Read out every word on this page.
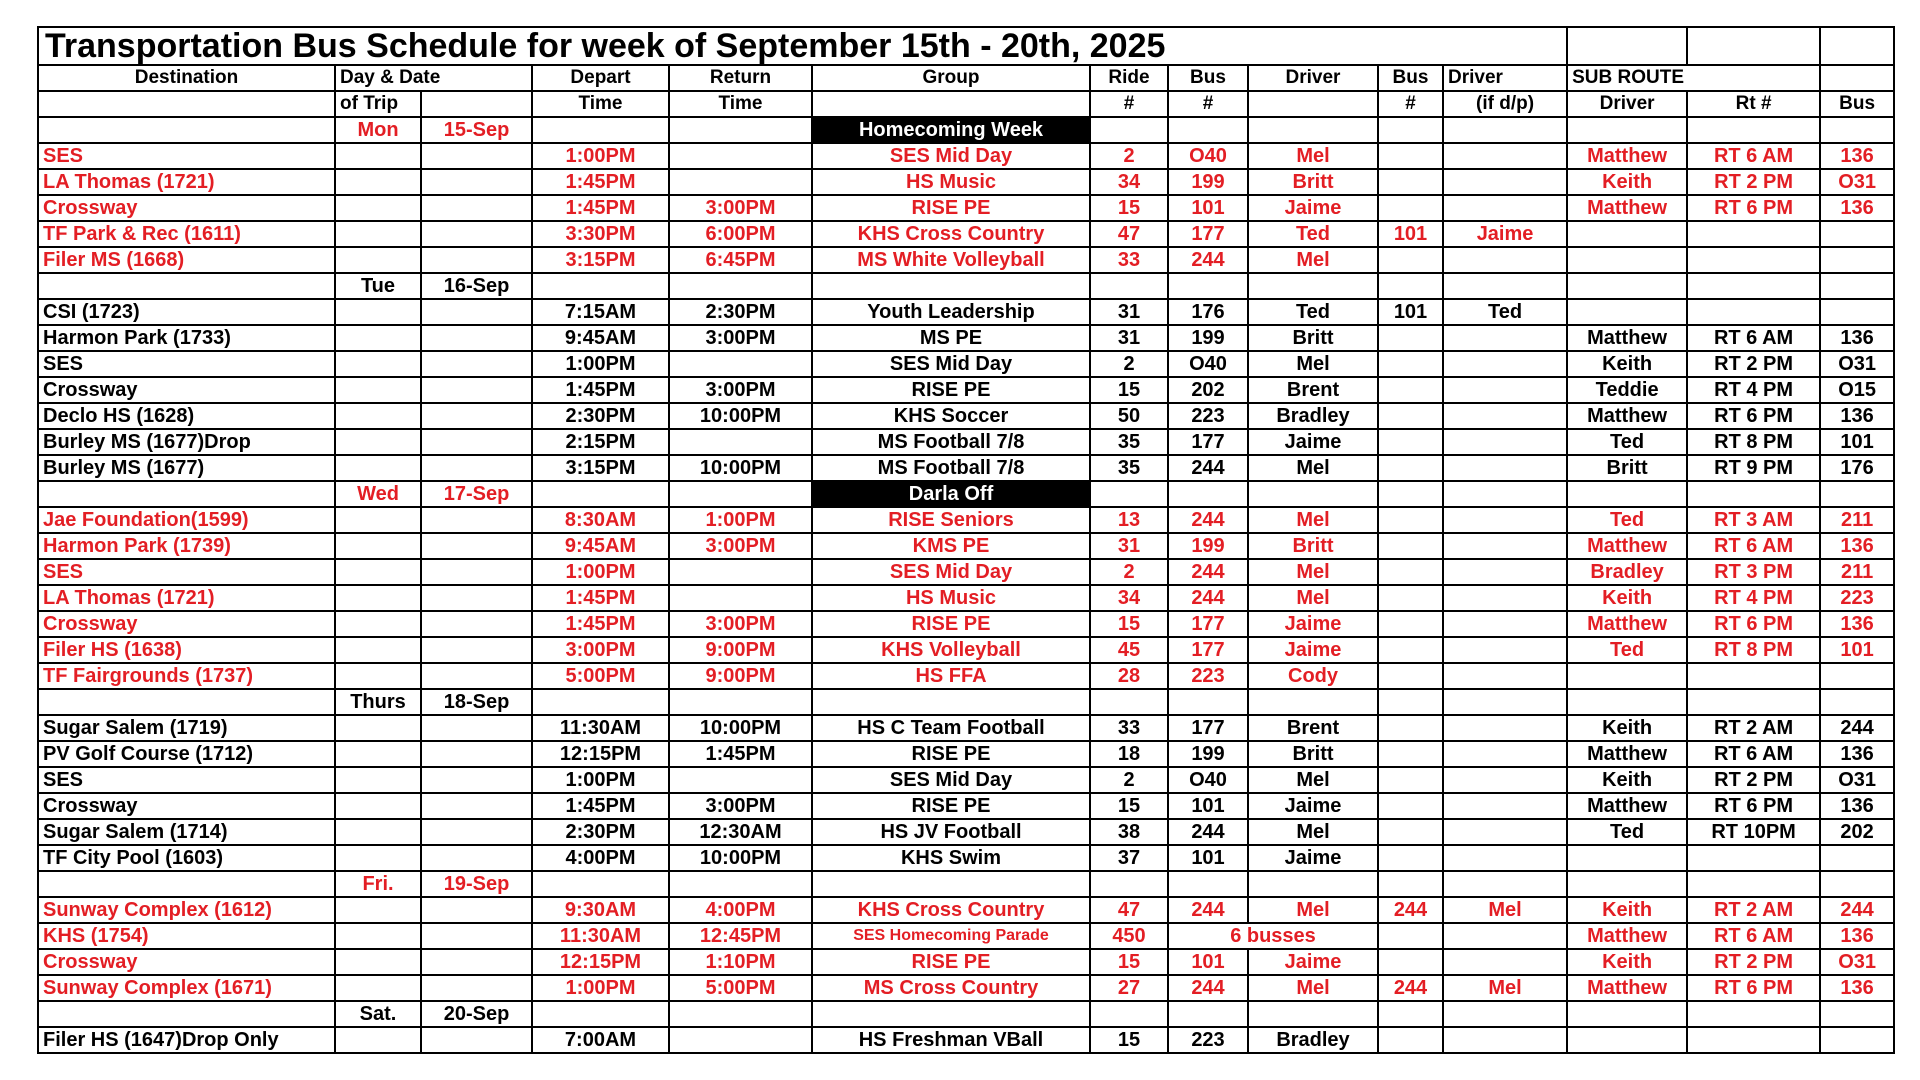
Transportation Bus Schedule for week of September 15th - 20th, 2025													
Destination	Day & Date		Depart	Return	Group	Ride	Bus	Driver	Bus	Driver	SUB ROUTE		
	of Trip		Time	Time		#	#		#	(if d/p)	Driver	Rt #	Bus
	Mon	15-Sep			Homecoming Week								
SES			1:00PM		SES Mid Day	2	O40	Mel			Matthew	RT 6 AM	136
LA Thomas (1721)			1:45PM		HS Music	34	199	Britt			Keith	RT 2 PM	O31
Crossway			1:45PM	3:00PM	RISE PE	15	101	Jaime			Matthew	RT 6 PM	136
TF Park & Rec (1611)			3:30PM	6:00PM	KHS Cross Country	47	177	Ted	101	Jaime			
Filer MS (1668)			3:15PM	6:45PM	MS White Volleyball	33	244	Mel					
	Tue	16-Sep											
CSI (1723)			7:15AM	2:30PM	Youth Leadership	31	176	Ted	101	Ted			
Harmon Park (1733)			9:45AM	3:00PM	MS PE	31	199	Britt			Matthew	RT 6 AM	136
SES			1:00PM		SES Mid Day	2	O40	Mel			Keith	RT 2 PM	O31
Crossway			1:45PM	3:00PM	RISE PE	15	202	Brent			Teddie	RT 4 PM	O15
Declo HS (1628)			2:30PM	10:00PM	KHS Soccer	50	223	Bradley			Matthew	RT 6 PM	136
Burley MS (1677)Drop			2:15PM		MS Football 7/8	35	177	Jaime			Ted	RT 8 PM	101
Burley MS (1677)			3:15PM	10:00PM	MS Football 7/8	35	244	Mel			Britt	RT 9 PM	176
	Wed	17-Sep			Darla Off								
Jae Foundation(1599)			8:30AM	1:00PM	RISE Seniors	13	244	Mel			Ted	RT 3 AM	211
Harmon Park (1739)			9:45AM	3:00PM	KMS PE	31	199	Britt			Matthew	RT 6 AM	136
SES			1:00PM		SES Mid Day	2	244	Mel			Bradley	RT 3 PM	211
LA Thomas (1721)			1:45PM		HS Music	34	244	Mel			Keith	RT 4 PM	223
Crossway			1:45PM	3:00PM	RISE PE	15	177	Jaime			Matthew	RT 6 PM	136
Filer HS (1638)			3:00PM	9:00PM	KHS Volleyball	45	177	Jaime			Ted	RT 8 PM	101
TF Fairgrounds (1737)			5:00PM	9:00PM	HS FFA	28	223	Cody					
	Thurs	18-Sep											
Sugar Salem (1719)			11:30AM	10:00PM	HS C Team Football	33	177	Brent			Keith	RT 2 AM	244
PV Golf Course (1712)			12:15PM	1:45PM	RISE PE	18	199	Britt			Matthew	RT 6 AM	136
SES			1:00PM		SES Mid Day	2	O40	Mel			Keith	RT 2 PM	O31
Crossway			1:45PM	3:00PM	RISE PE	15	101	Jaime			Matthew	RT 6 PM	136
Sugar Salem (1714)			2:30PM	12:30AM	HS JV Football	38	244	Mel			Ted	RT 10PM	202
TF City Pool (1603)			4:00PM	10:00PM	KHS Swim	37	101	Jaime					
	Fri.	19-Sep											
Sunway Complex (1612)			9:30AM	4:00PM	KHS Cross Country	47	244	Mel	244	Mel	Keith	RT 2 AM	244
KHS (1754)			11:30AM	12:45PM	SES Homecoming Parade	450	6 busses				Matthew	RT 6 AM	136
Crossway			12:15PM	1:10PM	RISE PE	15	101	Jaime			Keith	RT 2 PM	O31
Sunway Complex (1671)			1:00PM	5:00PM	MS Cross Country	27	244	Mel	244	Mel	Matthew	RT 6 PM	136
	Sat.	20-Sep											
Filer HS (1647)Drop Only			7:00AM		HS Freshman VBall	15	223	Bradley					
